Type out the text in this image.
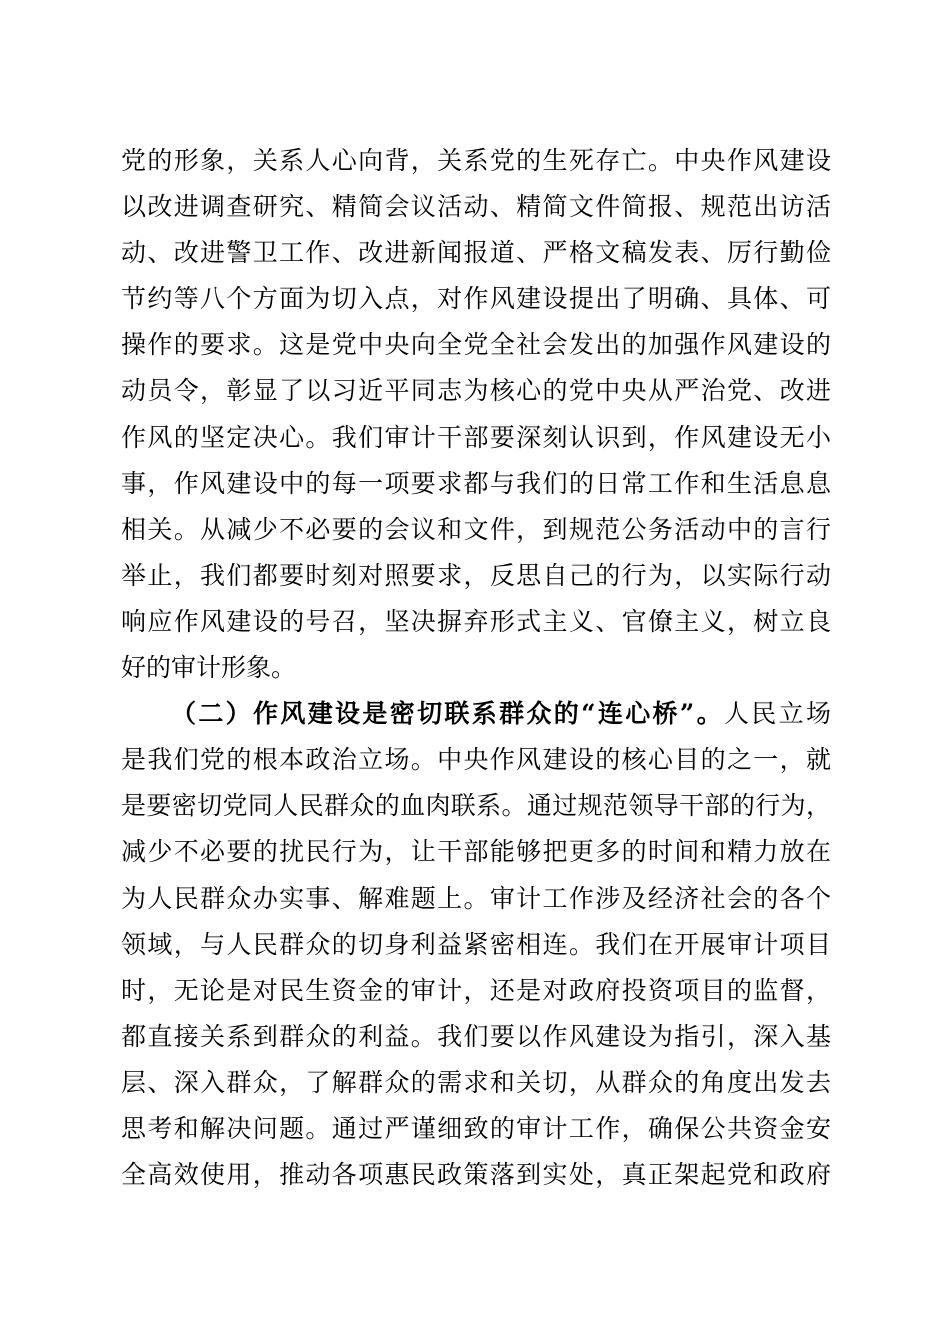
党的形象，关系人心向背，关系党的生死存亡。中央作风建设
以改进调查研究、精简会议活动、精简文件简报、规范出访活
动、改进警卫工作、改进新闻报道、严格文稿发表、厉行勤俭
节约等八个方面为切入点，对作风建设提出了明确、具体、可
操作的要求。这是党中央向全党全社会发出的加强作风建设的
动员令，彰显了以习近平同志为核心的党中央从严治党、改进
作风的坚定决心。我们审计干部要深刻认识到，作风建设无小
事，作风建设中的每一项要求都与我们的日常工作和生活息息
相关。从减少不必要的会议和文件，到规范公务活动中的言行
举止，我们都要时刻对照要求，反思自己的行为，以实际行动
响应作风建设的号召，坚决摒弃形式主义、官僚主义，树立良
好的审计形象。
（二）作风建设是密切联系群众的“连心桥”。人民立场
是我们党的根本政治立场。中央作风建设的核心目的之一，就
是要密切党同人民群众的血肉联系。通过规范领导干部的行为，
减少不必要的扰民行为，让干部能够把更多的时间和精力放在
为人民群众办实事、解难题上。审计工作涉及经济社会的各个
领域，与人民群众的切身利益紧密相连。我们在开展审计项目
时，无论是对民生资金的审计，还是对政府投资项目的监督，
都直接关系到群众的利益。我们要以作风建设为指引，深入基
层、深入群众，了解群众的需求和关切，从群众的角度出发去
思考和解决问题。通过严谨细致的审计工作，确保公共资金安
全高效使用，推动各项惠民政策落到实处，真正架起党和政府
